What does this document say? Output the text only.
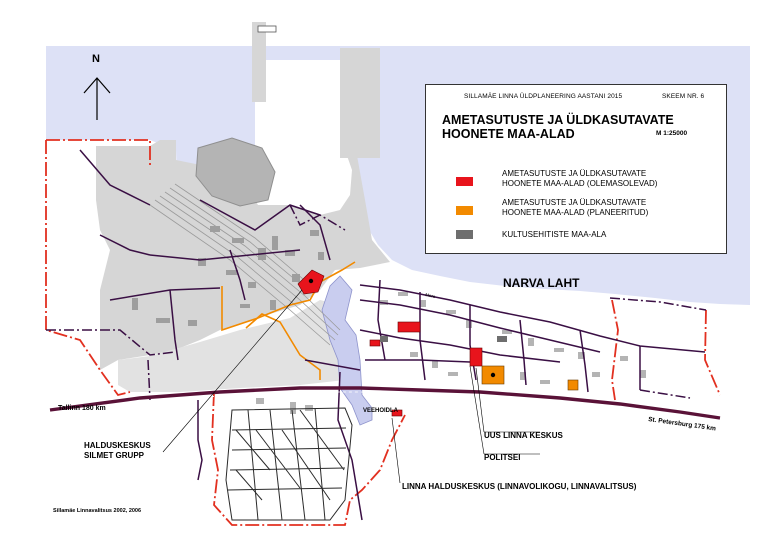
N
NARVA LAHT
Tallinn 180 km
St. Petersburg 175 km
HALDUSKESKUS
SILMET GRUPP
VEEHOIDLA
UUS LINNA KESKUS
POLITSEI
LINNA HALDUSKESKUS (LINNAVOLIKOGU, LINNAVALITSUS)
Mere
Sillamäe Linnavalitsus 2002, 2006
SILLAMÄE LINNA ÜLDPLANEERING AASTANI 2015	SKEEM NR. 6
AMETASUTUSTE JA ÜLDKASUTAVATE
HOONETE MAA-ALAD	M 1:25000
AMETASUTUSTE JA ÜLDKASUTAVATE
HOONETE MAA-ALAD (OLEMASOLEVAD)
AMETASUTUSTE JA ÜLDKASUTAVATE
HOONETE MAA-ALAD (PLANEERITUD)
KULTUSEHITISTE MAA-ALA
